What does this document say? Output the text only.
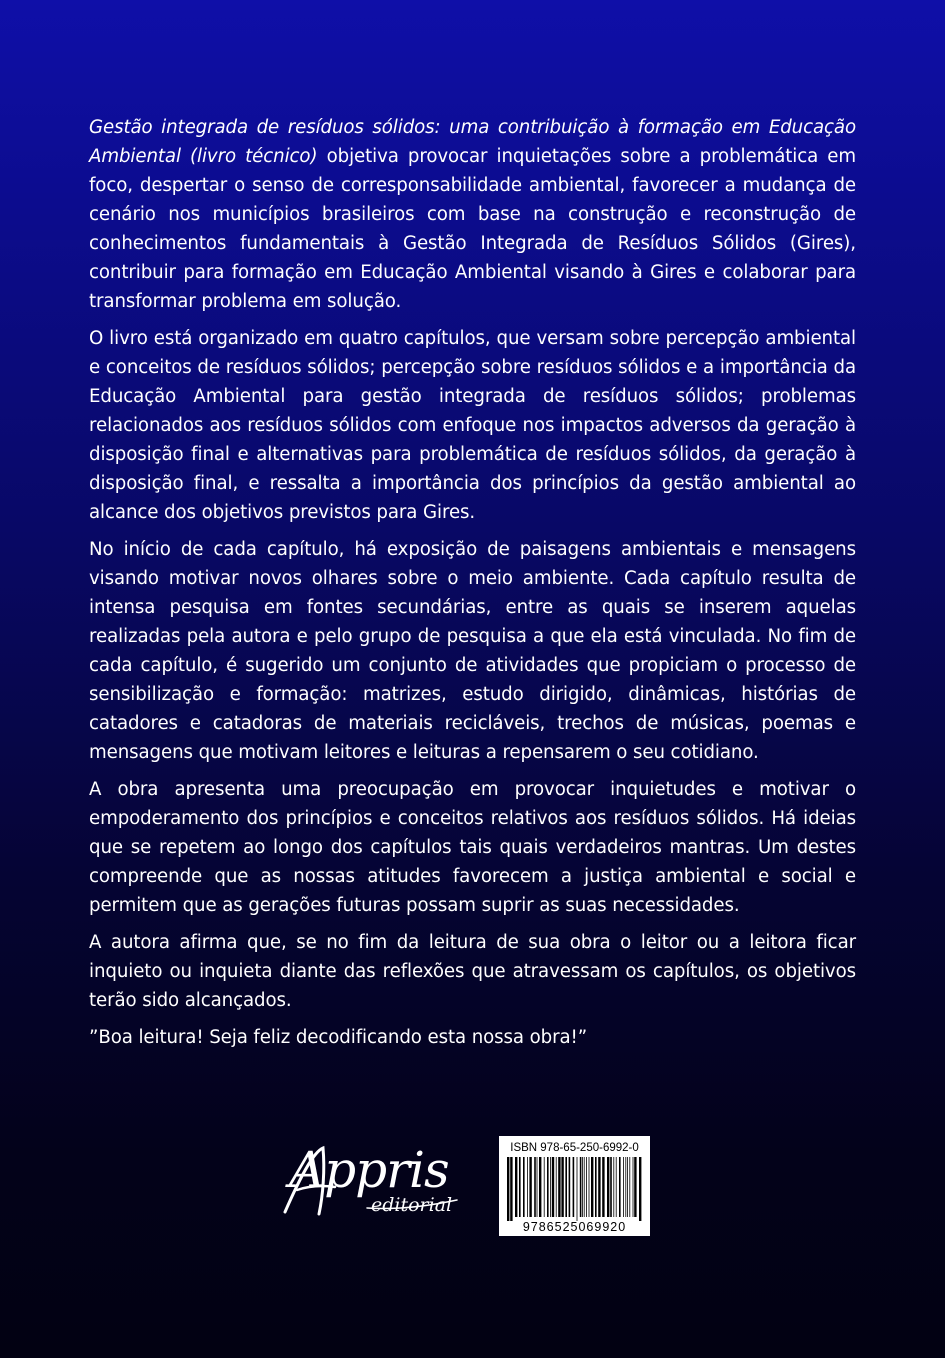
Gestão integrada de resíduos sólidos: uma contribuição à formação em Educação Ambiental (livro técnico) objetiva provocar inquietações sobre a problemática em foco, despertar o senso de corresponsabilidade ambiental, favorecer a mudança de cenário nos municípios brasileiros com base na construção e reconstrução de conhecimentos fundamentais à Gestão Integrada de Resíduos Sólidos (Gires), contribuir para formação em Educação Ambiental visando à Gires e colaborar para transformar problema em solução.

O livro está organizado em quatro capítulos, que versam sobre percepção ambiental e conceitos de resíduos sólidos; percepção sobre resíduos sólidos e a importância da Educação Ambiental para gestão integrada de resíduos sólidos; problemas relacionados aos resíduos sólidos com enfoque nos impactos adversos da geração à disposição final e alternativas para problemática de resíduos sólidos, da geração à disposição final, e ressalta a importância dos princípios da gestão ambiental ao alcance dos objetivos previstos para Gires.

No início de cada capítulo, há exposição de paisagens ambientais e mensagens visando motivar novos olhares sobre o meio ambiente. Cada capítulo resulta de intensa pesquisa em fontes secundárias, entre as quais se inserem aquelas realizadas pela autora e pelo grupo de pesquisa a que ela está vinculada. No fim de cada capítulo, é sugerido um conjunto de atividades que propiciam o processo de sensibilização e formação: matrizes, estudo dirigido, dinâmicas, histórias de catadores e catadoras de materiais recicláveis, trechos de músicas, poemas e mensagens que motivam leitores e leituras a repensarem o seu cotidiano.

A obra apresenta uma preocupação em provocar inquietudes e motivar o empoderamento dos princípios e conceitos relativos aos resíduos sólidos. Há ideias que se repetem ao longo dos capítulos tais quais verdadeiros mantras. Um destes compreende que as nossas atitudes favorecem a justiça ambiental e social e permitem que as gerações futuras possam suprir as suas necessidades.

A autora afirma que, se no fim da leitura de sua obra o leitor ou a leitora ficar inquieto ou inquieta diante das reflexões que atravessam os capítulos, os objetivos terão sido alcançados.

”Boa leitura! Seja feliz decodificando esta nossa obra!”

Appris
editorial
ISBN 978-65-250-6992-0
9786525069920
